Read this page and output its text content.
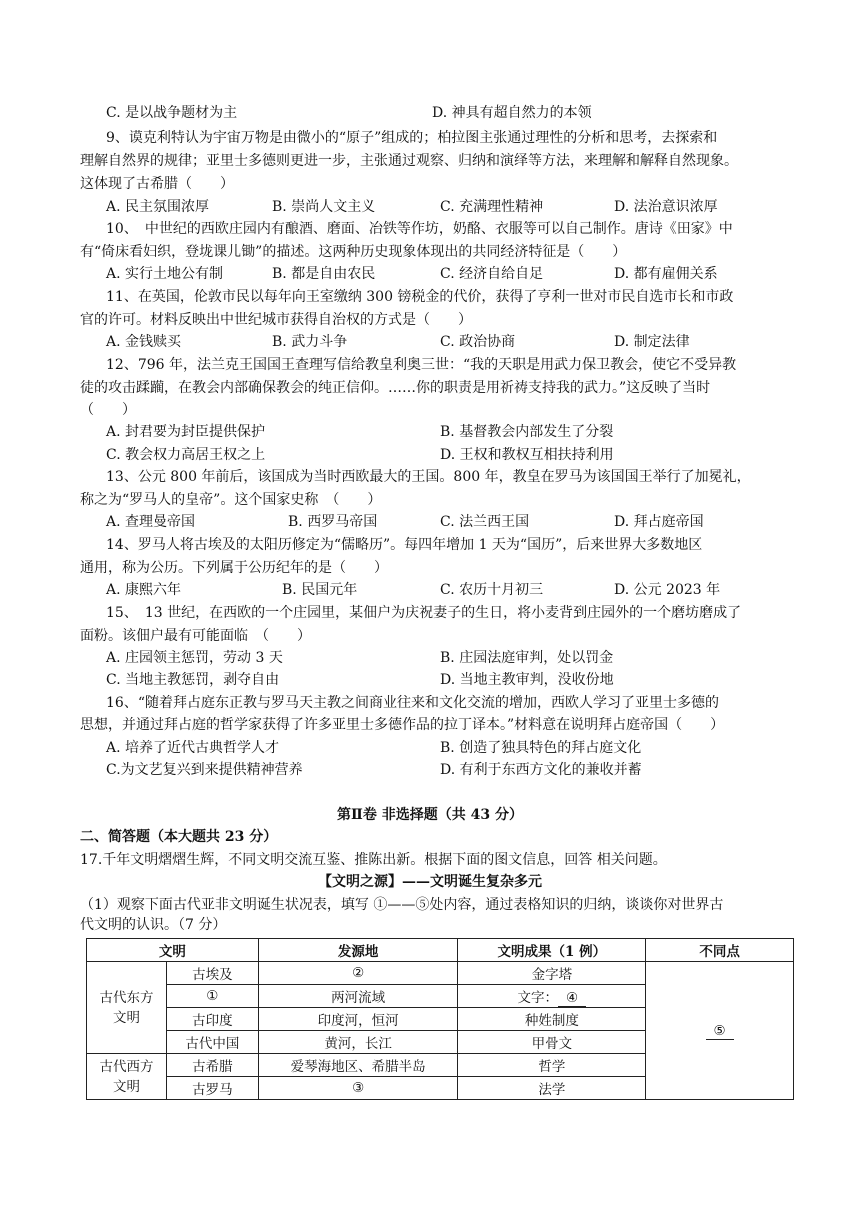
C. 是以战争题材为主	D. 神具有超自然力的本领
9、谟克利特认为宇宙万物是由微小的“原子”组成的；柏拉图主张通过理性的分析和思考，去探索和
理解自然界的规律；亚里士多德则更进一步，主张通过观察、归纳和演绎等方法，来理解和解释自然现象。
这体现了古希腊（　　）
A. 民主氛围浓厚	B. 崇尚人文主义	C. 充满理性精神	D. 法治意识浓厚
10、　中世纪的西欧庄园内有酿酒、磨面、冶铁等作坊，奶酪、衣服等可以自己制作。唐诗《田家》中
有“倚床看妇织，登垅课儿锄”的描述。这两种历史现象体现出的共同经济特征是（　　）
A. 实行土地公有制	B. 都是自由农民	C. 经济自给自足	D. 都有雇佣关系
11、在英国，伦敦市民以每年向王室缴纳 300 镑税金的代价，获得了亨利一世对市民自选市长和市政
官的许可。材料反映出中世纪城市获得自治权的方式是（　　）
A. 金钱赎买	B. 武力斗争	C. 政治协商	D. 制定法律
12、796 年，法兰克王国国王查理写信给教皇利奥三世：“我的天职是用武力保卫教会，使它不受异教
徒的攻击蹂躏，在教会内部确保教会的纯正信仰。……你的职责是用祈祷支持我的武力。”这反映了当时
（　　）
A. 封君要为封臣提供保护	B. 基督教会内部发生了分裂
C. 教会权力高居王权之上	D. 王权和教权互相扶持利用
13、公元 800 年前后，该国成为当时西欧最大的王国。800 年，教皇在罗马为该国国王举行了加冕礼，
称之为“罗马人的皇帝”。这个国家史称　（　　）
A. 查理曼帝国	B. 西罗马帝国	C. 法兰西王国	D. 拜占庭帝国
14、罗马人将古埃及的太阳历修定为“儒略历”。每四年增加 1 天为“国历”，后来世界大多数地区
通用，称为公历。下列属于公历纪年的是（　　）
A. 康熙六年	B. 民国元年	C. 农历十月初三	D. 公元 2023 年
15、　13 世纪，在西欧的一个庄园里，某佃户为庆祝妻子的生日，将小麦背到庄园外的一个磨坊磨成了
面粉。该佃户最有可能面临　（　　）
A. 庄园领主惩罚，劳动 3 天	B. 庄园法庭审判，处以罚金
C. 当地主教惩罚，剥夺自由	D. 当地主教审判，没收份地
16、“随着拜占庭东正教与罗马天主教之间商业往来和文化交流的增加，西欧人学习了亚里士多德的
思想，并通过拜占庭的哲学家获得了许多亚里士多德作品的拉丁译本。”材料意在说明拜占庭帝国（　　）
A. 培养了近代古典哲学人才	B. 创造了独具特色的拜占庭文化
C.为文艺复兴到来提供精神营养	D. 有利于东西方文化的兼收并蓄
第Ⅱ卷 非选择题（共 43 分）
二、简答题（本大题共 23 分）
17.千年文明熠熠生辉，不同文明交流互鉴、推陈出新。根据下面的图文信息，回答 相关问题。
【文明之源】——文明诞生复杂多元
（1）观察下面古代亚非文明诞生状况表，填写 ①——⑤处内容，通过表格知识的归纳，谈谈你对世界古
代文明的认识。（7 分）
文明		发源地	文明成果（1 例）	不同点
古代东方文明	古埃及	②	金字塔	⑤
	①	两河流域	文字： ④	
	古印度	印度河，恒河	种姓制度	
	古代中国	黄河，长江	甲骨文	
古代西方文明	古希腊	爱琴海地区、希腊半岛	哲学	
	古罗马	③	法学	
